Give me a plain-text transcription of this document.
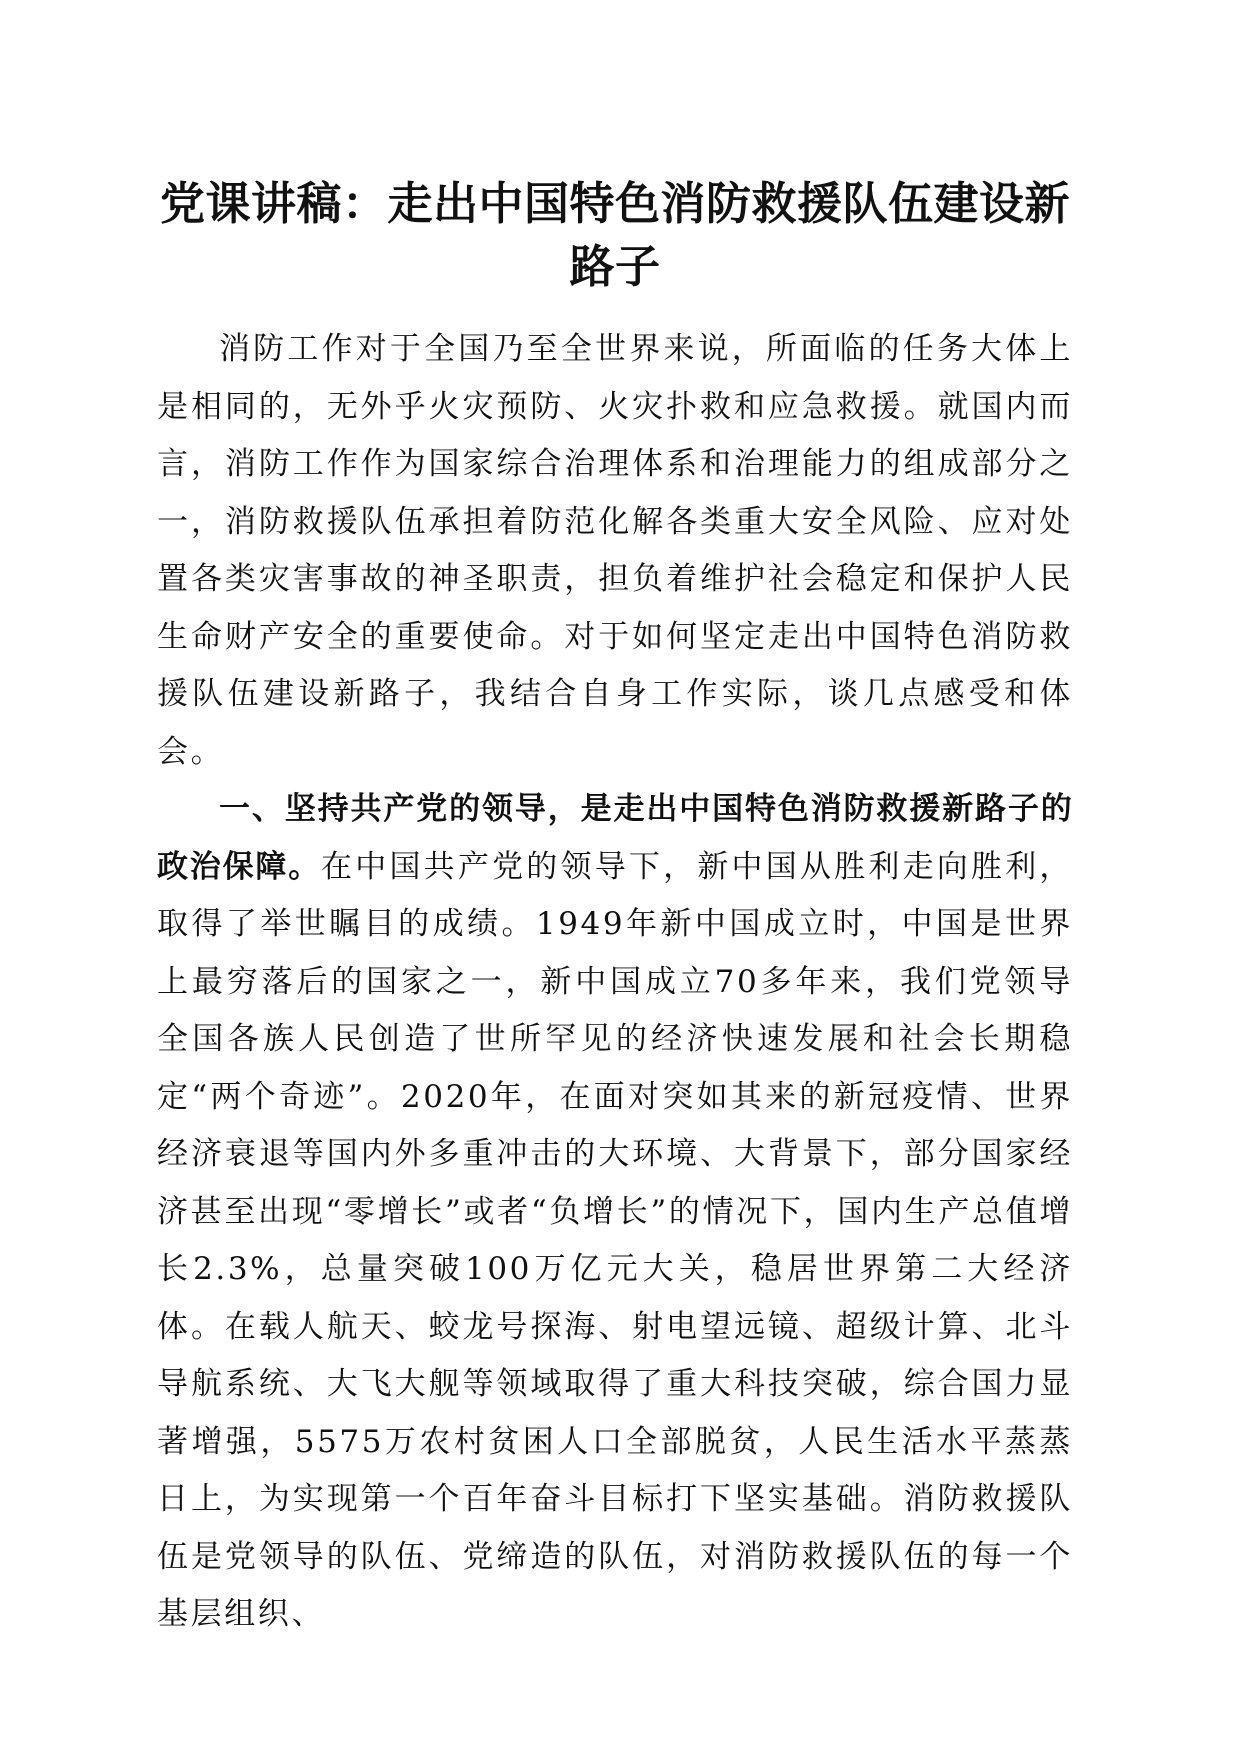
党课讲稿：走出中国特色消防救援队伍建设新路子

消防工作对于全国乃至全世界来说，所面临的任务大体上是相同的，无外乎火灾预防、火灾扑救和应急救援。就国内而言，消防工作作为国家综合治理体系和治理能力的组成部分之一，消防救援队伍承担着防范化解各类重大安全风险、应对处置各类灾害事故的神圣职责，担负着维护社会稳定和保护人民生命财产安全的重要使命。对于如何坚定走出中国特色消防救援队伍建设新路子，我结合自身工作实际，谈几点感受和体会。

一、坚持共产党的领导，是走出中国特色消防救援新路子的政治保障。在中国共产党的领导下，新中国从胜利走向胜利，取得了举世瞩目的成绩。1949年新中国成立时，中国是世界上最穷落后的国家之一，新中国成立70多年来，我们党领导全国各族人民创造了世所罕见的经济快速发展和社会长期稳定“两个奇迹”。2020年，在面对突如其来的新冠疫情、世界经济衰退等国内外多重冲击的大环境、大背景下，部分国家经济甚至出现“零增长”或者“负增长”的情况下，国内生产总值增长2.3%，总量突破100万亿元大关，稳居世界第二大经济体。在载人航天、蛟龙号探海、射电望远镜、超级计算、北斗导航系统、大飞大舰等领域取得了重大科技突破，综合国力显著增强，5575万农村贫困人口全部脱贫，人民生活水平蒸蒸日上，为实现第一个百年奋斗目标打下坚实基础。消防救援队伍是党领导的队伍、党缔造的队伍，对消防救援队伍的每一个基层组织、
